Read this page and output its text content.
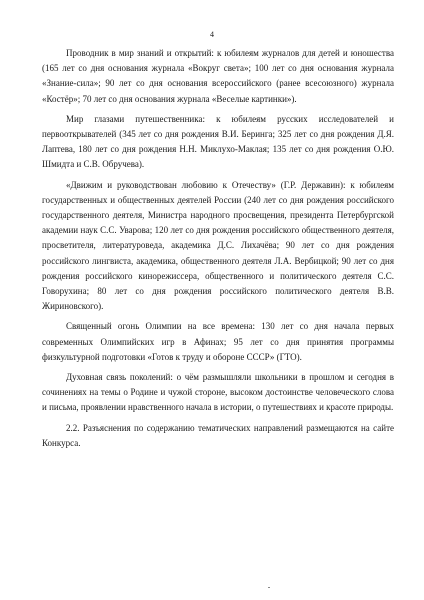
4

Проводник в мир знаний и открытий: к юбилеям журналов для детей и юношества (165 лет со дня основания журнала «Вокруг света»; 100 лет со дня основания журнала «Знание-сила»; 90 лет со дня основания всероссийского (ранее всесоюзного) журнала «Костёр»; 70 лет со дня основания журнала «Веселые картинки»).

Мир глазами путешественника: к юбилеям русских исследователей и первооткрывателей (345 лет со дня рождения В.И. Беринга; 325 лет со дня рождения Д.Я. Лаптева, 180 лет со дня рождения Н.Н. Миклухо-Маклая; 135 лет со дня рождения О.Ю. Шмидта и С.В. Обручева).

«Движим и руководствован любовию к Отечеству» (Г.Р. Державин): к юбилеям государственных и общественных деятелей России (240 лет со дня рождения российского государственного деятеля, Министра народного просвещения, президента Петербургской академии наук С.С. Уварова; 120 лет со дня рождения российского общественного деятеля, просветителя, литературоведа, академика Д.С. Лихачёва; 90 лет со дня рождения российского лингвиста, академика, общественного деятеля Л.А. Вербицкой; 90 лет со дня рождения российского кинорежиссера, общественного и политического деятеля С.С. Говорухина; 80 лет со дня рождения российского политического деятеля В.В. Жириновского).

Священный огонь Олимпии на все времена: 130 лет со дня начала первых современных Олимпийских игр в Афинах; 95 лет со дня принятия программы физкультурной подготовки «Готов к труду и обороне СССР» (ГТО).

Духовная связь поколений: о чём размышляли школьники в прошлом и сегодня в сочинениях на темы о Родине и чужой стороне, высоком достоинстве человеческого слова и письма, проявлении нравственного начала в истории, о путешествиях и красоте природы.

2.2. Разъяснения по содержанию тематических направлений размещаются на сайте Конкурса.
